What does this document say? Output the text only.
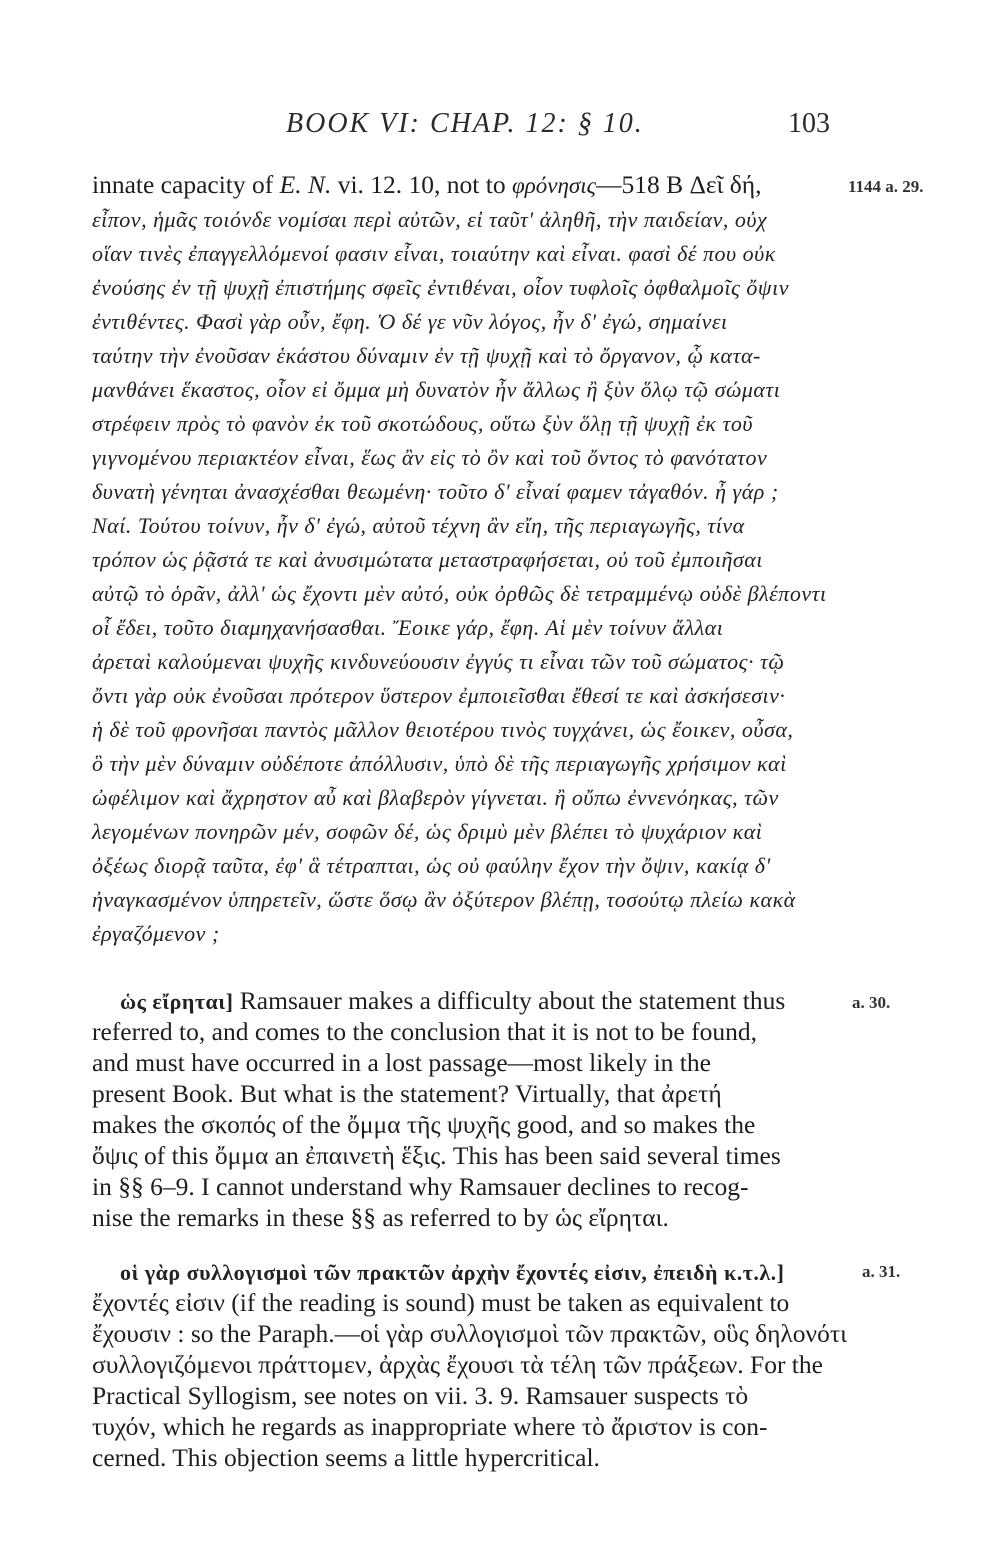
BOOK VI: CHAP. 12: § 10.	103
innate capacity of E. N. vi. 12. 10, not to φρόνησις—518 B Δεῖ δή,	1144 a. 29.
εἶπον, ἡμᾶς τοιόνδε νομίσαι περὶ αὐτῶν, εἰ ταῦτ' ἀληθῆ, τὴν παιδείαν, οὐχ
οἵαν τινὲς ἐπαγγελλόμενοί φασιν εἶναι, τοιαύτην καὶ εἶναι. φασὶ δέ που οὐκ
ἐνούσης ἐν τῇ ψυχῇ ἐπιστήμης σφεῖς ἐντιθέναι, οἷον τυφλοῖς ὀφθαλμοῖς ὄψιν
ἐντιθέντες. Φασὶ γὰρ οὖν, ἔφη. Ὁ δέ γε νῦν λόγος, ἦν δ' ἐγώ, σημαίνει
ταύτην τὴν ἐνοῦσαν ἑκάστου δύναμιν ἐν τῇ ψυχῇ καὶ τὸ ὄργανον, ᾧ κατα-
μανθάνει ἕκαστος, οἷον εἰ ὄμμα μὴ δυνατὸν ἦν ἄλλως ἢ ξὺν ὅλῳ τῷ σώματι
στρέφειν πρὸς τὸ φανὸν ἐκ τοῦ σκοτώδους, οὕτω ξὺν ὅλῃ τῇ ψυχῇ ἐκ τοῦ
γιγνομένου περιακτέον εἶναι, ἕως ἂν εἰς τὸ ὂν καὶ τοῦ ὄντος τὸ φανότατον
δυνατὴ γένηται ἀνασχέσθαι θεωμένη· τοῦτο δ' εἶναί φαμεν τἀγαθόν. ἦ γάρ ;
Ναί. Τούτου τοίνυν, ἦν δ' ἐγώ, αὐτοῦ τέχνη ἂν εἴη, τῆς περιαγωγῆς, τίνα
τρόπον ὡς ῥᾷστά τε καὶ ἀνυσιμώτατα μεταστραφήσεται, οὐ τοῦ ἐμποιῆσαι
αὐτῷ τὸ ὁρᾶν, ἀλλ' ὡς ἔχοντι μὲν αὐτό, οὐκ ὀρθῶς δὲ τετραμμένῳ οὐδὲ βλέποντι
οἷ ἔδει, τοῦτο διαμηχανήσασθαι. Ἔοικε γάρ, ἔφη. Αἱ μὲν τοίνυν ἄλλαι
ἀρεταὶ καλούμεναι ψυχῆς κινδυνεύουσιν ἐγγύς τι εἶναι τῶν τοῦ σώματος· τῷ
ὄντι γὰρ οὐκ ἐνοῦσαι πρότερον ὕστερον ἐμποιεῖσθαι ἔθεσί τε καὶ ἀσκήσεσιν·
ἡ δὲ τοῦ φρονῆσαι παντὸς μᾶλλον θειοτέρου τινὸς τυγχάνει, ὡς ἔοικεν, οὖσα,
ὃ τὴν μὲν δύναμιν οὐδέποτε ἀπόλλυσιν, ὑπὸ δὲ τῆς περιαγωγῆς χρήσιμον καὶ
ὠφέλιμον καὶ ἄχρηστον αὖ καὶ βλαβερὸν γίγνεται. ἢ οὔπω ἐννενόηκας, τῶν
λεγομένων πονηρῶν μέν, σοφῶν δέ, ὡς δριμὺ μὲν βλέπει τὸ ψυχάριον καὶ
ὀξέως διορᾷ ταῦτα, ἐφ' ἃ τέτραπται, ὡς οὐ φαύλην ἔχον τὴν ὄψιν, κακίᾳ δ'
ἠναγκασμένον ὑπηρετεῖν, ὥστε ὅσῳ ἂν ὀξύτερον βλέπῃ, τοσούτῳ πλείω κακὰ
ἐργαζόμενον ;
ὡς εἴρηται] Ramsauer makes a difficulty about the statement thus
referred to, and comes to the conclusion that it is not to be found,
and must have occurred in a lost passage—most likely in the
present Book. But what is the statement? Virtually, that ἀρετή
makes the σκοπός of the ὄμμα τῆς ψυχῆς good, and so makes the
ὄψις of this ὄμμα an ἐπαινετὴ ἕξις. This has been said several times
in §§ 6–9. I cannot understand why Ramsauer declines to recog-
nise the remarks in these §§ as referred to by ὡς εἴρηται.
a. 30.
οἱ γὰρ συλλογισμοὶ τῶν πρακτῶν ἀρχὴν ἔχοντές εἰσιν, ἐπειδὴ κ.τ.λ.]
ἔχοντές εἰσιν (if the reading is sound) must be taken as equivalent to
ἔχουσιν : so the Paraph.—οἱ γὰρ συλλογισμοὶ τῶν πρακτῶν, οὓς δηλονότι
συλλογιζόμενοι πράττομεν, ἀρχὰς ἔχουσι τὰ τέλη τῶν πράξεων. For the
Practical Syllogism, see notes on vii. 3. 9. Ramsauer suspects τὸ
τυχόν, which he regards as inappropriate where τὸ ἄριστον is con-
cerned. This objection seems a little hypercritical.
a. 31.
